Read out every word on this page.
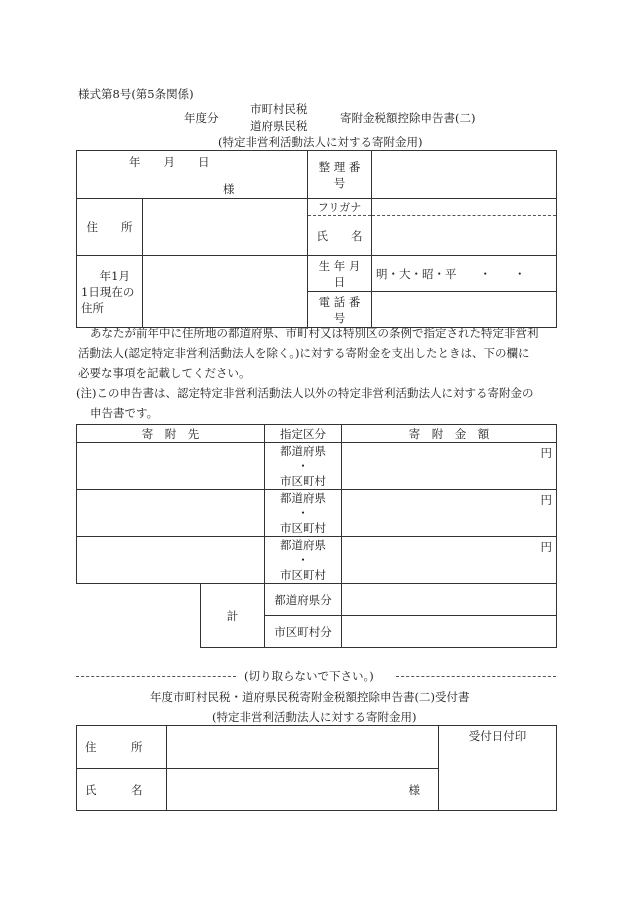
様式第8号(第5条関係)
年度分
市町村民税
道府県民税
寄附金税額控除申告書(二)
(特定非営利活動法人に対する寄附金用)
年　　月　　日
様		整 理 番 号	
住　　所		フリガナ	
		氏　　名	

年1月
1日現在の
住所		生 年 月 日	明・大・昭・平　　・　　・
		電 話 番 号	
あなたが前年中に住所地の都道府県、市町村又は特別区の条例で指定された特定非営利
活動法人(認定特定非営利活動法人を除く。)に対する寄附金を支出したときは、下の欄に
必要な事項を記載してください。
(注)この申告書は、認定特定非営利活動法人以外の特定非営利活動法人に対する寄附金の
申告書です。
寄　附　先		指定区分	寄　附　金　額

		都道府県
・
市区町村	円

		都道府県
・
市区町村	円

		都道府県
・
市区町村	円
	計	都道府県分	
		市区町村分	
(切り取らないで下さい。)
年度市町村民税・道府県民税寄附金税額控除申告書(二)受付書
(特定非営利活動法人に対する寄附金用)
住　　　所		受付日付印
氏　　　名	様	
